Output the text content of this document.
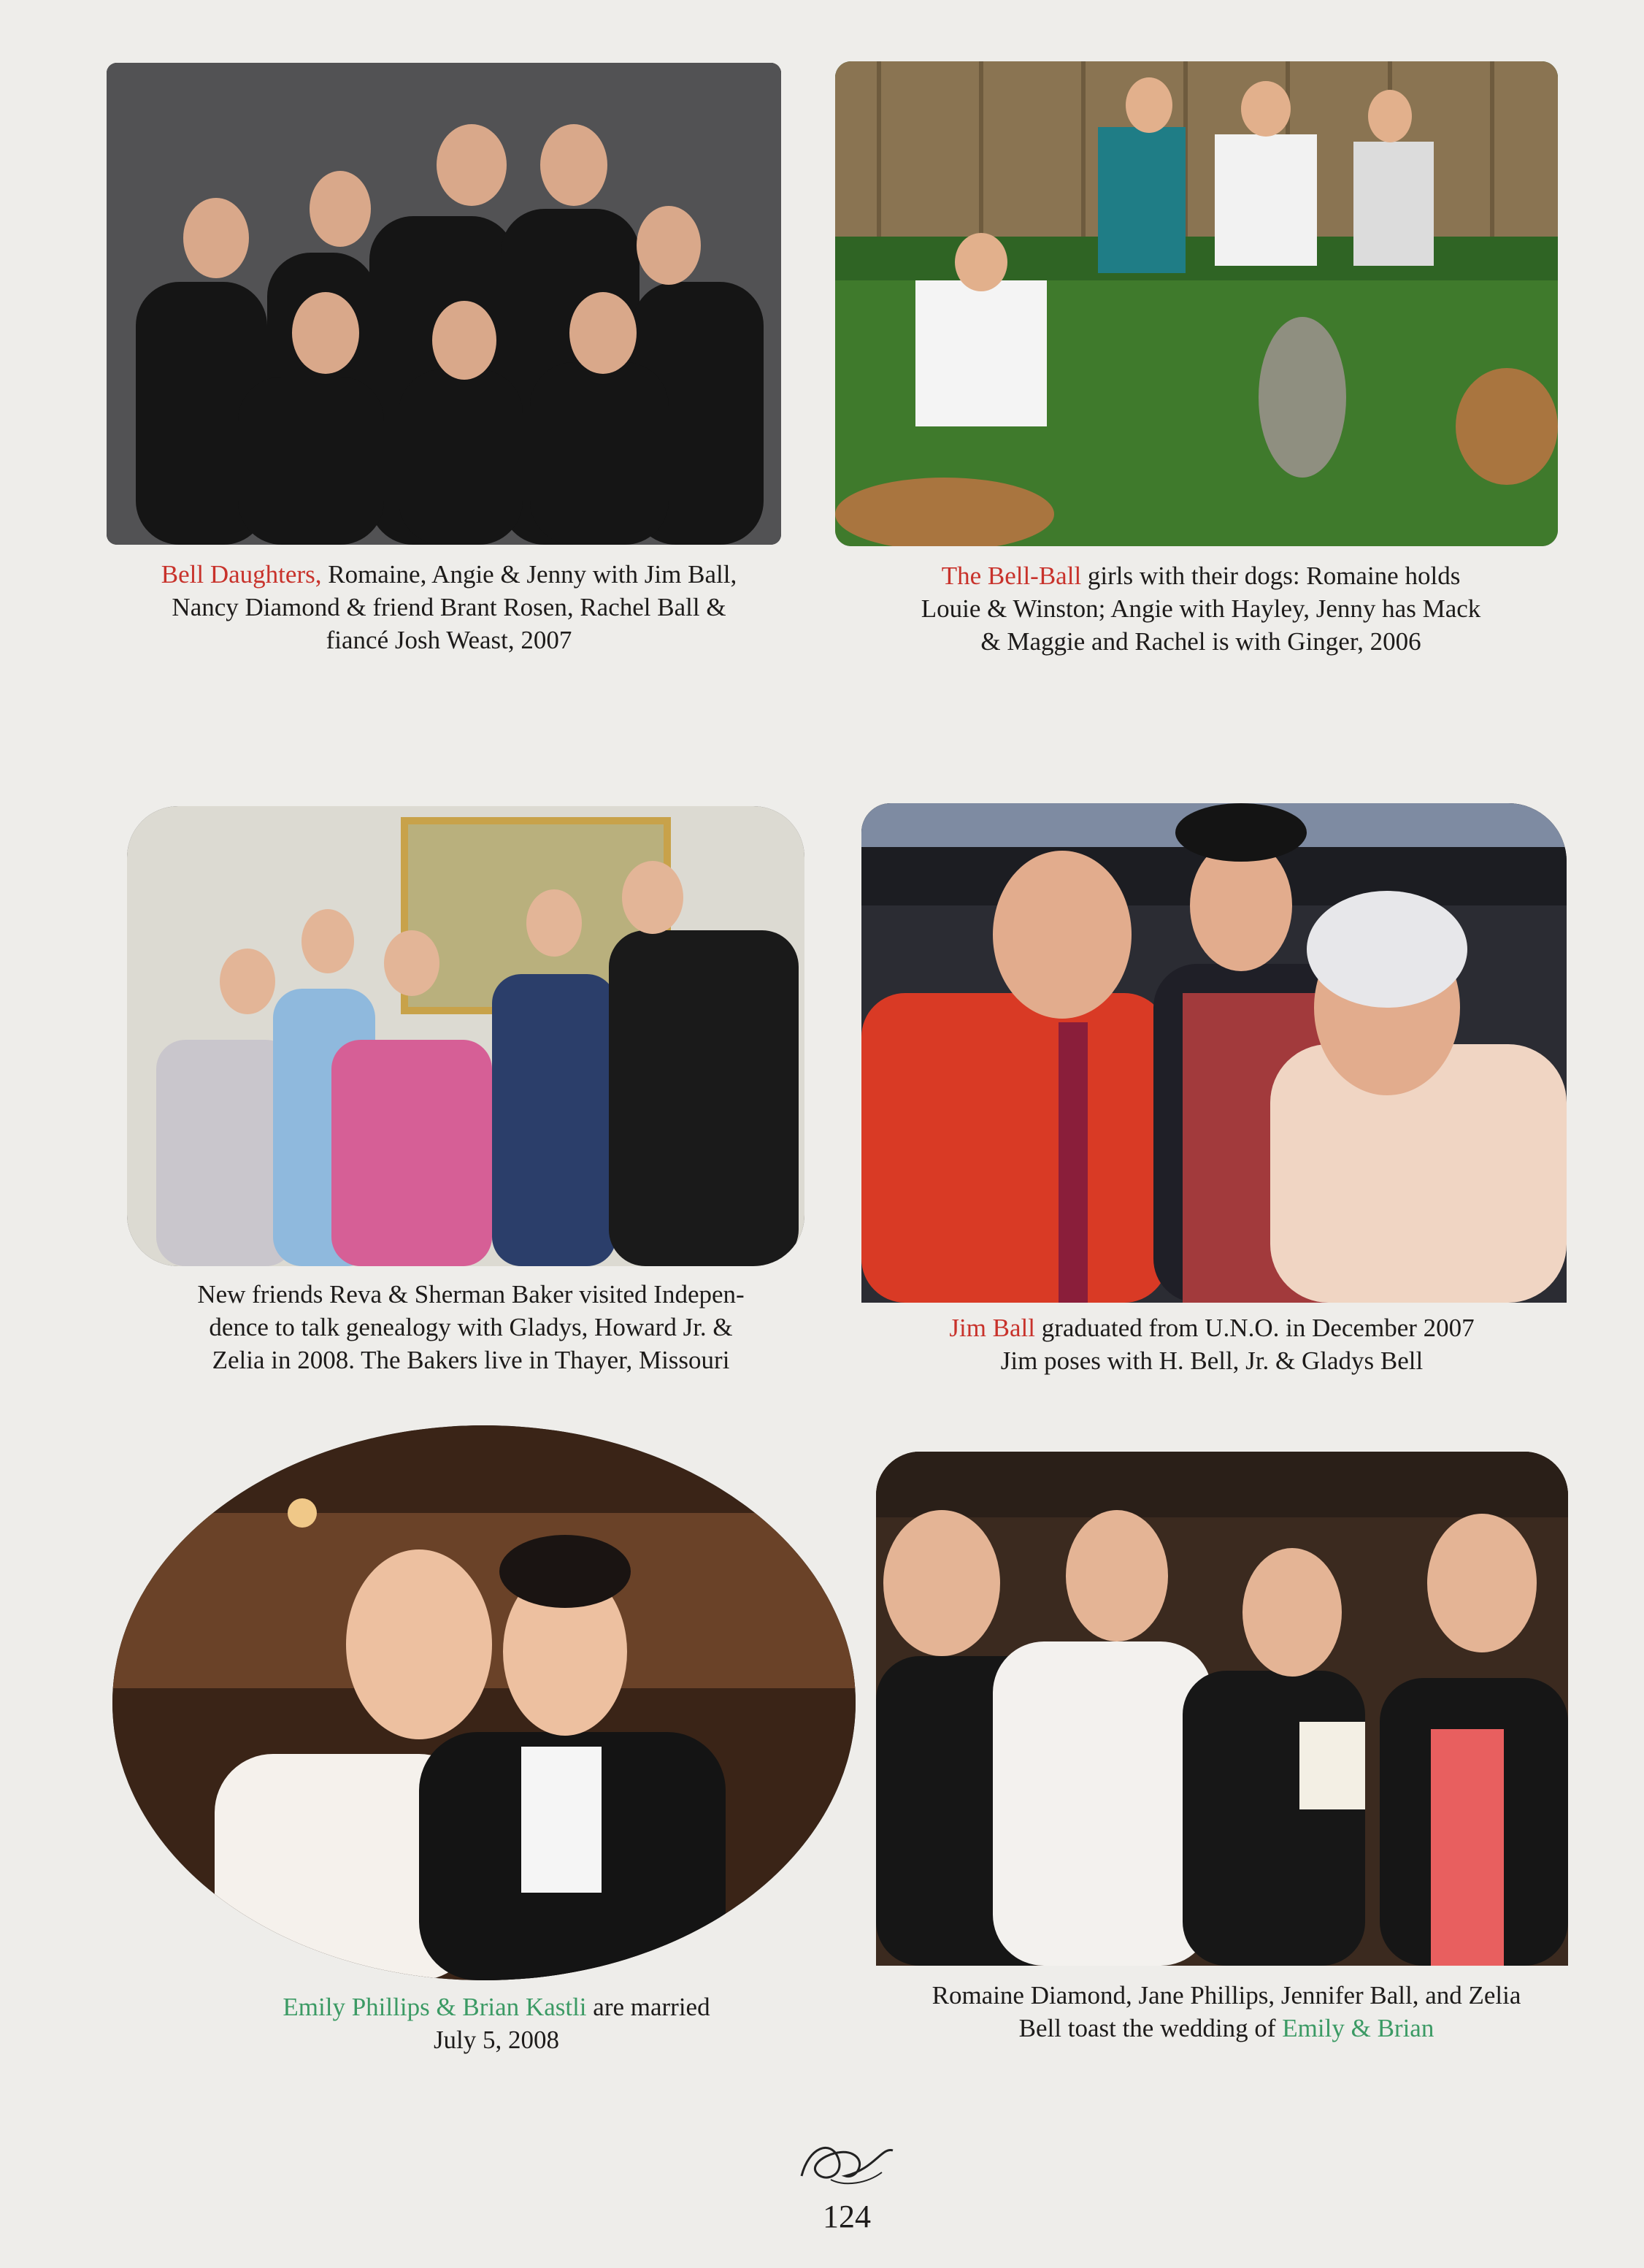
Bell Daughters, Romaine, Angie & Jenny with Jim Ball,
Nancy Diamond & friend Brant Rosen, Rachel Ball &
fiancé Josh Weast, 2007
The Bell-Ball girls with their dogs: Romaine holds
Louie & Winston; Angie with Hayley, Jenny has Mack
& Maggie and Rachel is with Ginger, 2006
New friends Reva & Sherman Baker visited Indepen-
dence to talk genealogy with Gladys, Howard Jr. &
Zelia in 2008. The Bakers live in Thayer, Missouri
Jim Ball graduated from U.N.O. in December 2007
Jim poses with H. Bell, Jr. & Gladys Bell
Emily Phillips & Brian Kastli are married
July 5, 2008
Romaine Diamond, Jane Phillips, Jennifer Ball, and Zelia
Bell toast the wedding of Emily & Brian
124
